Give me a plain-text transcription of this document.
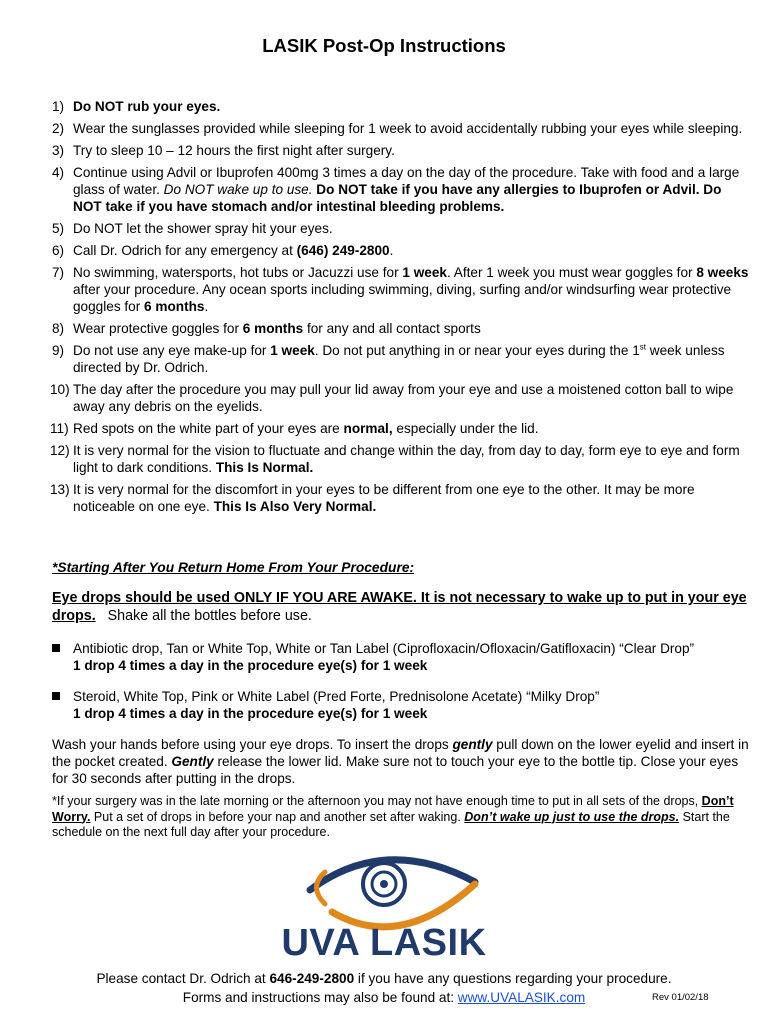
LASIK Post-Op Instructions
1) Do NOT rub your eyes.
2) Wear the sunglasses provided while sleeping for 1 week to avoid accidentally rubbing your eyes while sleeping.
3) Try to sleep 10 – 12 hours the first night after surgery.
4) Continue using Advil or Ibuprofen 400mg 3 times a day on the day of the procedure. Take with food and a large glass of water. Do NOT wake up to use. Do NOT take if you have any allergies to Ibuprofen or Advil. Do NOT take if you have stomach and/or intestinal bleeding problems.
5) Do NOT let the shower spray hit your eyes.
6) Call Dr. Odrich for any emergency at (646) 249-2800.
7) No swimming, watersports, hot tubs or Jacuzzi use for 1 week. After 1 week you must wear goggles for 8 weeks after your procedure. Any ocean sports including swimming, diving, surfing and/or windsurfing wear protective goggles for 6 months.
8) Wear protective goggles for 6 months for any and all contact sports
9) Do not use any eye make-up for 1 week. Do not put anything in or near your eyes during the 1st week unless directed by Dr. Odrich.
10) The day after the procedure you may pull your lid away from your eye and use a moistened cotton ball to wipe away any debris on the eyelids.
11) Red spots on the white part of your eyes are normal, especially under the lid.
12) It is very normal for the vision to fluctuate and change within the day, from day to day, form eye to eye and form light to dark conditions. This Is Normal.
13) It is very normal for the discomfort in your eyes to be different from one eye to the other. It may be more noticeable on one eye. This Is Also Very Normal.
*Starting After You Return Home From Your Procedure:
Eye drops should be used ONLY IF YOU ARE AWAKE. It is not necessary to wake up to put in your eye drops.   Shake all the bottles before use.
Antibiotic drop, Tan or White Top, White or Tan Label (Ciprofloxacin/Ofloxacin/Gatifloxacin) “Clear Drop”
1 drop 4 times a day in the procedure eye(s) for 1 week
Steroid, White Top, Pink or White Label (Pred Forte, Prednisolone Acetate) “Milky Drop”
1 drop 4 times a day in the procedure eye(s) for 1 week
Wash your hands before using your eye drops. To insert the drops gently pull down on the lower eyelid and insert in the pocket created. Gently release the lower lid. Make sure not to touch your eye to the bottle tip. Close your eyes for 30 seconds after putting in the drops.
*If your surgery was in the late morning or the afternoon you may not have enough time to put in all sets of the drops, Don’t Worry. Put a set of drops in before your nap and another set after waking. Don’t wake up just to use the drops. Start the schedule on the next full day after your procedure.
UVA LASIK
Please contact Dr. Odrich at 646-249-2800 if you have any questions regarding your procedure.
Forms and instructions may also be found at: www.UVALASIK.com	Rev 01/02/18
